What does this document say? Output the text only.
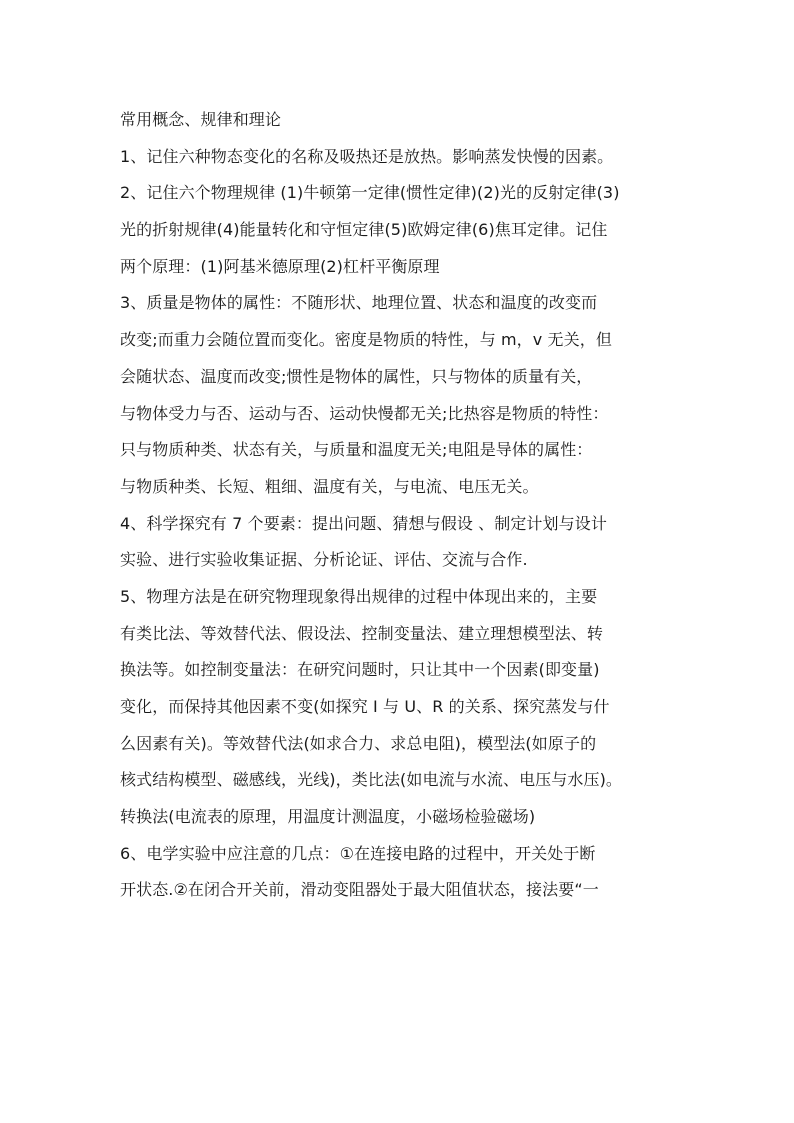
常用概念、规律和理论
1、记住六种物态变化的名称及吸热还是放热。影响蒸发快慢的因素。
2、记住六个物理规律 (1)牛顿第一定律(惯性定律)(2)光的反射定律(3)
光的折射规律(4)能量转化和守恒定律(5)欧姆定律(6)焦耳定律。记住
两个原理：(1)阿基米德原理(2)杠杆平衡原理
3、质量是物体的属性：不随形状、地理位置、状态和温度的改变而
改变;而重力会随位置而变化。密度是物质的特性，与 m，v 无关，但
会随状态、温度而改变;惯性是物体的属性，只与物体的质量有关，
与物体受力与否、运动与否、运动快慢都无关;比热容是物质的特性：
只与物质种类、状态有关，与质量和温度无关;电阻是导体的属性：
与物质种类、长短、粗细、温度有关，与电流、电压无关。
4、科学探究有 7 个要素：提出问题、猜想与假设 、制定计划与设计
实验、进行实验收集证据、分析论证、评估、交流与合作.
5、物理方法是在研究物理现象得出规律的过程中体现出来的，主要
有类比法、等效替代法、假设法、控制变量法、建立理想模型法、转
换法等。如控制变量法：在研究问题时，只让其中一个因素(即变量)
变化，而保持其他因素不变(如探究 I 与 U、R 的关系、探究蒸发与什
么因素有关)。等效替代法(如求合力、求总电阻)，模型法(如原子的
核式结构模型、磁感线，光线)，类比法(如电流与水流、电压与水压)。
转换法(电流表的原理，用温度计测温度，小磁场检验磁场)
6、电学实验中应注意的几点：①在连接电路的过程中，开关处于断
开状态.②在闭合开关前，滑动变阻器处于最大阻值状态，接法要“一
